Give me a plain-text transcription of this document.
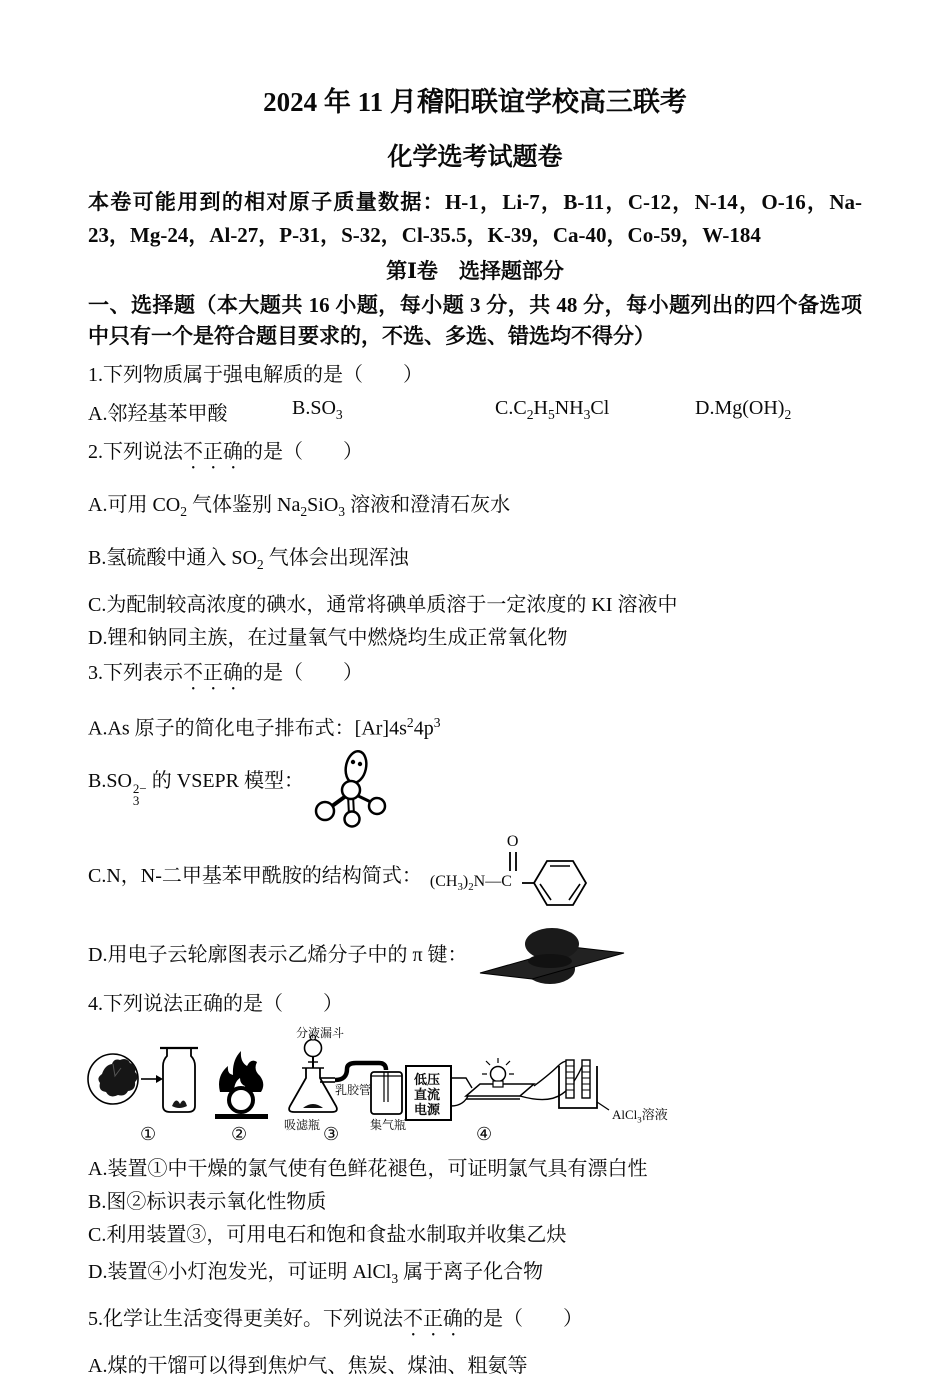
2024 年 11 月稽阳联谊学校高三联考
化学选考试题卷
本卷可能用到的相对原子质量数据：H-1，Li-7，B-11，C-12，N-14，O-16，Na-23，Mg-24，Al-27，P-31，S-32，Cl-35.5，K-39，Ca-40，Co-59，W-184
第Ⅰ卷　选择题部分
一、选择题（本大题共 16 小题，每小题 3 分，共 48 分，每小题列出的四个备选项中只有一个是符合题目要求的，不选、多选、错选均不得分）
1.下列物质属于强电解质的是（　　）
A.邻羟基苯甲酸	$B.SO_3$	$C.C_2H_5NH_3Cl$	$D.Mg(OH)_2$
2.下列说法不正确的是（　　）
A.可用 $CO_2$ 气体鉴别 $Na_2SiO_3$ 溶液和澄清石灰水
B.氢硫酸中通入 $SO_2$ 气体会出现浑浊
C.为配制较高浓度的碘水，通常将碘单质溶于一定浓度的 KI 溶液中
D.锂和钠同主族，在过量氧气中燃烧均生成正常氧化物
3.下列表示不正确的是（　　）
A.As 原子的简化电子排布式：$[Ar]4s^24p^3$
B.SO 2−
3
的 VSEPR 模型：
C.N，N-二甲基苯甲酰胺的结构简式： $(CH_3)_2N—C$
O
D.用电子云轮廓图表示乙烯分子中的 π 键：
4.下列说法正确的是（　　）
分液漏斗
乳胶管
吸滤瓶	集气瓶
低压直流电源	AlCl$_3$溶液
①	②	③	④
A.装置①中干燥的氯气使有色鲜花褪色，可证明氯气具有漂白性
B.图②标识表示氧化性物质
C.利用装置③，可用电石和饱和食盐水制取并收集乙炔
D.装置④小灯泡发光，可证明 AlCl$_3$ 属于离子化合物
5.化学让生活变得更美好。下列说法不正确的是（　　）
A.煤的干馏可以得到焦炉气、焦炭、煤油、粗氨等
